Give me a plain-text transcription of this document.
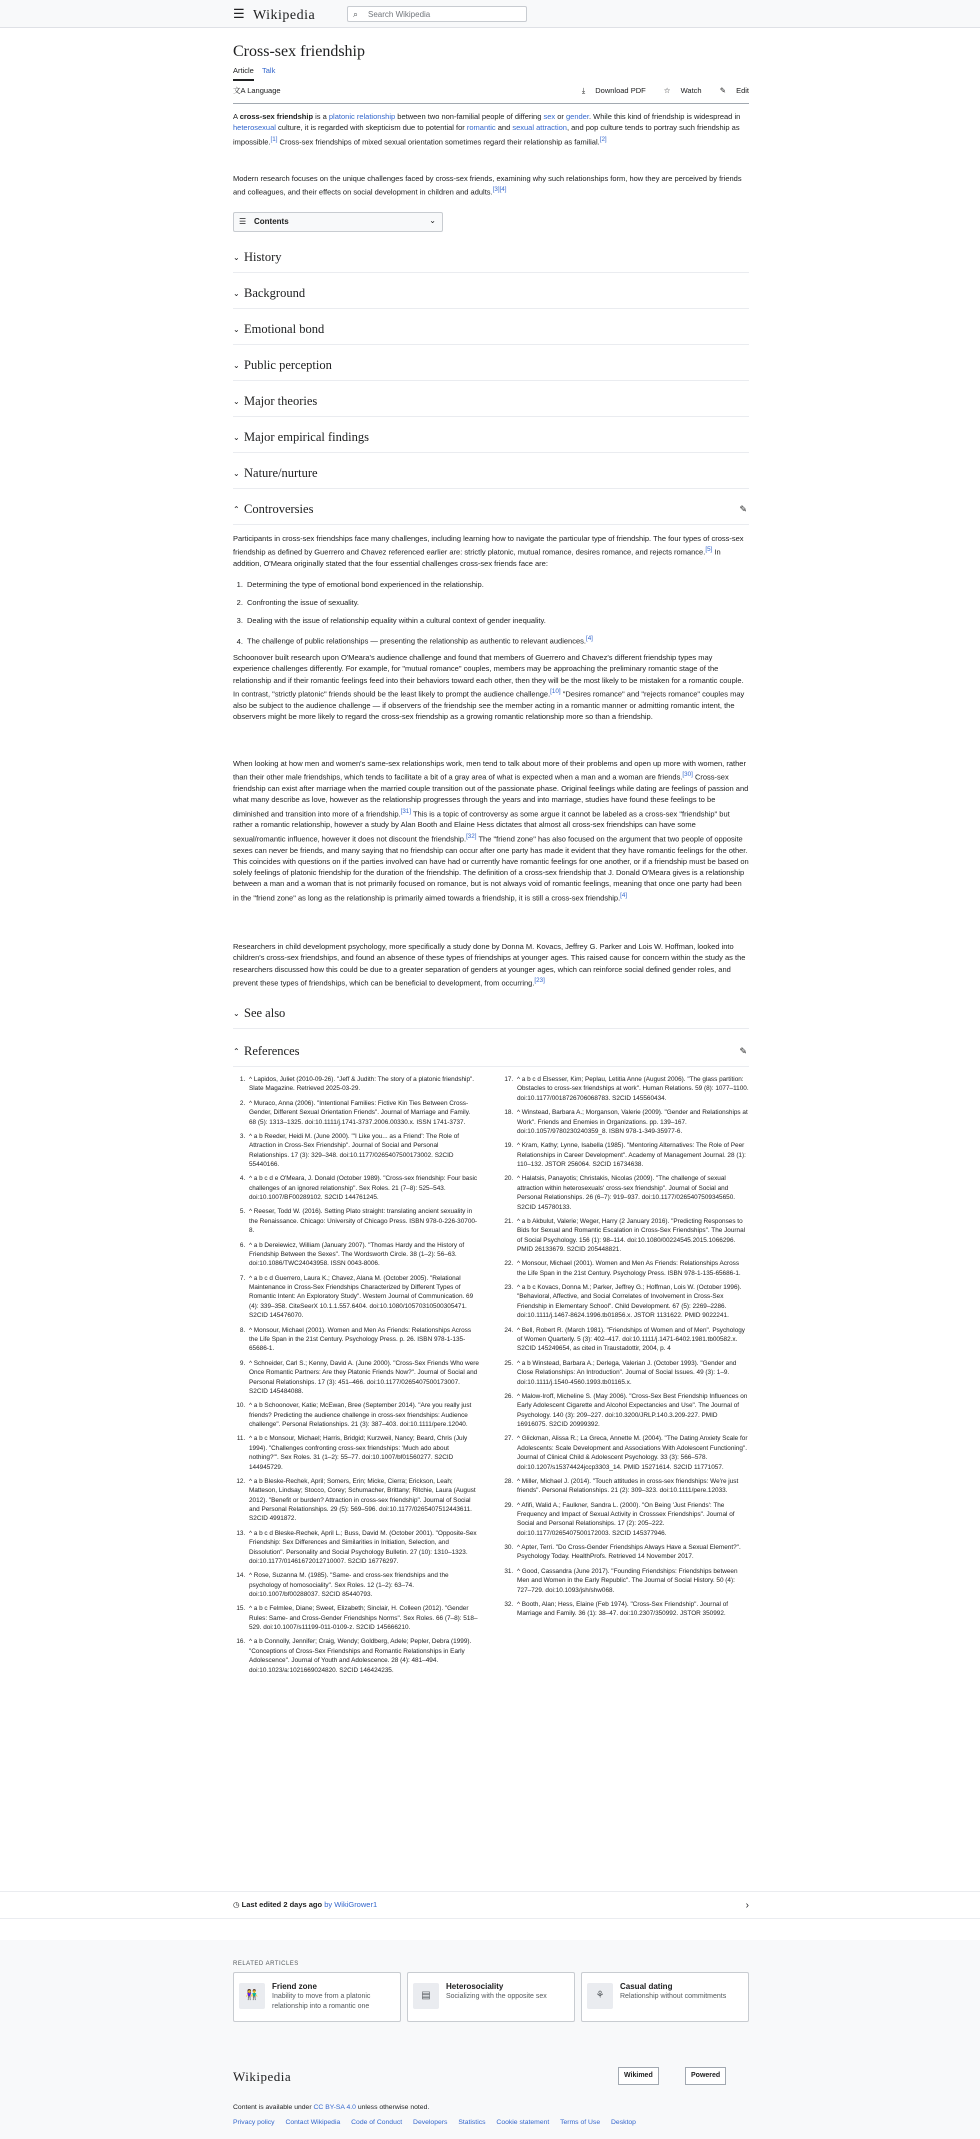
☰ Wikipedia	⌕ Search Wikipedia
Cross-sex friendship
Article Talk
文A Language	⤓ Download PDF ☆ Watch ✎ Edit
A cross-sex friendship is a platonic relationship between two non-familial people of differing sex or gender. While this kind of friendship is widespread in heterosexual culture, it is regarded with skepticism due to potential for romantic and sexual attraction, and pop culture tends to portray such friendship as impossible.[1] Cross-sex friendships of mixed sexual orientation sometimes regard their relationship as familial.[2]
Modern research focuses on the unique challenges faced by cross-sex friends, examining why such relationships form, how they are perceived by friends and colleagues, and their effects on social development in children and adults.[3][4]
☰ Contents	⌄
⌄ History
⌄ Background
⌄ Emotional bond
⌄ Public perception
⌄ Major theories
⌄ Major empirical findings
⌄ Nature/nurture
⌃ Controversies	✎
Participants in cross-sex friendships face many challenges, including learning how to navigate the particular type of friendship. The four types of cross-sex friendship as defined by Guerrero and Chavez referenced earlier are: strictly platonic, mutual romance, desires romance, and rejects romance.[5] In addition, O'Meara originally stated that the four essential challenges cross-sex friends face are:
1. Determining the type of emotional bond experienced in the relationship.
2. Confronting the issue of sexuality.
3. Dealing with the issue of relationship equality within a cultural context of gender inequality.
4. The challenge of public relationships — presenting the relationship as authentic to relevant audiences.[4]
Schoonover built research upon O'Meara's audience challenge and found that members of Guerrero and Chavez's different friendship types may experience challenges differently. For example, for "mutual romance" couples, members may be approaching the preliminary romantic stage of the relationship and if their romantic feelings feed into their behaviors toward each other, then they will be the most likely to be mistaken for a romantic couple. In contrast, "strictly platonic" friends should be the least likely to prompt the audience challenge.[10] "Desires romance" and "rejects romance" couples may also be subject to the audience challenge — if observers of the friendship see the member acting in a romantic manner or admitting romantic intent, the observers might be more likely to regard the cross-sex friendship as a growing romantic relationship more so than a friendship.
When looking at how men and women's same-sex relationships work, men tend to talk about more of their problems and open up more with women, rather than their other male friendships, which tends to facilitate a bit of a gray area of what is expected when a man and a woman are friends.[30] Cross-sex friendship can exist after marriage when the married couple transition out of the passionate phase. Original feelings while dating are feelings of passion and what many describe as love, however as the relationship progresses through the years and into marriage, studies have found these feelings to be diminished and transition into more of a friendship.[31] This is a topic of controversy as some argue it cannot be labeled as a cross-sex "friendship" but rather a romantic relationship, however a study by Alan Booth and Elaine Hess dictates that almost all cross-sex friendships can have some sexual/romantic influence, however it does not discount the friendship.[32] The "friend zone" has also focused on the argument that two people of opposite sexes can never be friends, and many saying that no friendship can occur after one party has made it evident that they have romantic feelings for the other. This coincides with questions on if the parties involved can have had or currently have romantic feelings for one another, or if a friendship must be based on solely feelings of platonic friendship for the duration of the friendship. The definition of a cross-sex friendship that J. Donald O'Meara gives is a relationship between a man and a woman that is not primarily focused on romance, but is not always void of romantic feelings, meaning that once one party had been in the "friend zone" as long as the relationship is primarily aimed towards a friendship, it is still a cross-sex friendship.[4]
Researchers in child development psychology, more specifically a study done by Donna M. Kovacs, Jeffrey G. Parker and Lois W. Hoffman, looked into children's cross-sex friendships, and found an absence of these types of friendships at younger ages. This raised cause for concern within the study as the researchers discussed how this could be due to a greater separation of genders at younger ages, which can reinforce social defined gender roles, and prevent these types of friendships, which can be beneficial to development, from occurring.[23]
⌄ See also
⌃ References	✎
1. ^ Lapidos, Juliet (2010-09-26). "Jeff & Judith: The story of a platonic friendship". Slate Magazine. Retrieved 2025-03-29.
2. ^ Muraco, Anna (2006). "Intentional Families: Fictive Kin Ties Between Cross-Gender, Different Sexual Orientation Friends". Journal of Marriage and Family. 68 (5): 1313–1325. doi:10.1111/j.1741-3737.2006.00330.x. ISSN 1741-3737.
3. ^ a b Reeder, Heidi M. (June 2000). "'I Like you... as a Friend': The Role of Attraction in Cross-Sex Friendship". Journal of Social and Personal Relationships. 17 (3): 329–348. doi:10.1177/0265407500173002. S2CID 55440166.
4. ^ a b c d e O'Meara, J. Donald (October 1989). "Cross-sex friendship: Four basic challenges of an ignored relationship". Sex Roles. 21 (7–8): 525–543. doi:10.1007/BF00289102. S2CID 144761245.
5. ^ Reeser, Todd W. (2016). Setting Plato straight: translating ancient sexuality in the Renaissance. Chicago: University of Chicago Press. ISBN 978-0-226-30700-8.
6. ^ a b Dereiewicz, William (January 2007). "Thomas Hardy and the History of Friendship Between the Sexes". The Wordsworth Circle. 38 (1–2): 56–63. doi:10.1086/TWC24043958. ISSN 0043-8006.
7. ^ a b c d Guerrero, Laura K.; Chavez, Alana M. (October 2005). "Relational Maintenance in Cross-Sex Friendships Characterized by Different Types of Romantic Intent: An Exploratory Study". Western Journal of Communication. 69 (4): 339–358. CiteSeerX 10.1.1.557.6404. doi:10.1080/10570310500305471. S2CID 145476070.
8. ^ Monsour, Michael (2001). Women and Men As Friends: Relationships Across the Life Span in the 21st Century. Psychology Press. p. 26. ISBN 978-1-135-65686-1.
9. ^ Schneider, Carl S.; Kenny, David A. (June 2000). "Cross-Sex Friends Who were Once Romantic Partners: Are they Platonic Friends Now?". Journal of Social and Personal Relationships. 17 (3): 451–466. doi:10.1177/0265407500173007. S2CID 145484088.
10. ^ a b Schoonover, Katie; McEwan, Bree (September 2014). "Are you really just friends? Predicting the audience challenge in cross-sex friendships: Audience challenge". Personal Relationships. 21 (3): 387–403. doi:10.1111/pere.12040.
11. ^ a b c Monsour, Michael; Harris, Bridgid; Kurzweil, Nancy; Beard, Chris (July 1994). "Challenges confronting cross-sex friendships: 'Much ado about nothing?'". Sex Roles. 31 (1–2): 55–77. doi:10.1007/bf01560277. S2CID 144945729.
12. ^ a b Bleske-Rechek, April; Somers, Erin; Micke, Cierra; Erickson, Leah; Matteson, Lindsay; Stocco, Corey; Schumacher, Brittany; Ritchie, Laura (August 2012). "Benefit or burden? Attraction in cross-sex friendship". Journal of Social and Personal Relationships. 29 (5): 569–596. doi:10.1177/0265407512443611. S2CID 4991872.
13. ^ a b c d Bleske-Rechek, April L.; Buss, David M. (October 2001). "Opposite-Sex Friendship: Sex Differences and Similarities in Initiation, Selection, and Dissolution". Personality and Social Psychology Bulletin. 27 (10): 1310–1323. doi:10.1177/01461672012710007. S2CID 16776297.
14. ^ Rose, Suzanna M. (1985). "Same- and cross-sex friendships and the psychology of homosociality". Sex Roles. 12 (1–2): 63–74. doi:10.1007/bf00288037. S2CID 85440793.
15. ^ a b c Felmlee, Diane; Sweet, Elizabeth; Sinclair, H. Colleen (2012). "Gender Rules: Same- and Cross-Gender Friendships Norms". Sex Roles. 66 (7–8): 518–529. doi:10.1007/s11199-011-0109-z. S2CID 145666210.
16. ^ a b Connolly, Jennifer; Craig, Wendy; Goldberg, Adele; Pepler, Debra (1999). "Conceptions of Cross-Sex Friendships and Romantic Relationships in Early Adolescence". Journal of Youth and Adolescence. 28 (4): 481–494. doi:10.1023/a:1021669024820. S2CID 146424235.
17. ^ a b c d Elsesser, Kim; Peplau, Letitia Anne (August 2006). "The glass partition: Obstacles to cross-sex friendships at work". Human Relations. 59 (8): 1077–1100. doi:10.1177/0018726706068783. S2CID 145560434.
18. ^ Winstead, Barbara A.; Morganson, Valerie (2009). "Gender and Relationships at Work". Friends and Enemies in Organizations. pp. 139–167. doi:10.1057/9780230240359_8. ISBN 978-1-349-35977-6.
19. ^ Kram, Kathy; Lynne, Isabella (1985). "Mentoring Alternatives: The Role of Peer Relationships in Career Development". Academy of Management Journal. 28 (1): 110–132. JSTOR 256064. S2CID 16734638.
20. ^ Halatsis, Panayotis; Christakis, Nicolas (2009). "The challenge of sexual attraction within heterosexuals' cross-sex friendship". Journal of Social and Personal Relationships. 26 (6–7): 919–937. doi:10.1177/0265407509345650. S2CID 145780133.
21. ^ a b Akbulut, Valerie; Weger, Harry (2 January 2016). "Predicting Responses to Bids for Sexual and Romantic Escalation in Cross-Sex Friendships". The Journal of Social Psychology. 156 (1): 98–114. doi:10.1080/00224545.2015.1066296. PMID 26133679. S2CID 205448821.
22. ^ Monsour, Michael (2001). Women and Men As Friends: Relationships Across the Life Span in the 21st Century. Psychology Press. ISBN 978-1-135-65686-1.
23. ^ a b c Kovacs, Donna M.; Parker, Jeffrey G.; Hoffman, Lois W. (October 1996). "Behavioral, Affective, and Social Correlates of Involvement in Cross-Sex Friendship in Elementary School". Child Development. 67 (5): 2269–2286. doi:10.1111/j.1467-8624.1996.tb01856.x. JSTOR 1131622. PMID 9022241.
24. ^ Bell, Robert R. (March 1981). "Friendships of Women and of Men". Psychology of Women Quarterly. 5 (3): 402–417. doi:10.1111/j.1471-6402.1981.tb00582.x. S2CID 145249654, as cited in Traustadottir, 2004, p. 4
25. ^ a b Winstead, Barbara A.; Derlega, Valerian J. (October 1993). "Gender and Close Relationships: An Introduction". Journal of Social Issues. 49 (3): 1–9. doi:10.1111/j.1540-4560.1993.tb01165.x.
26. ^ Malow-Iroff, Micheline S. (May 2006). "Cross-Sex Best Friendship Influences on Early Adolescent Cigarette and Alcohol Expectancies and Use". The Journal of Psychology. 140 (3): 209–227. doi:10.3200/JRLP.140.3.209-227. PMID 16916075. S2CID 20999392.
27. ^ Glickman, Alissa R.; La Greca, Annette M. (2004). "The Dating Anxiety Scale for Adolescents: Scale Development and Associations With Adolescent Functioning". Journal of Clinical Child & Adolescent Psychology. 33 (3): 566–578. doi:10.1207/s15374424jccp3303_14. PMID 15271614. S2CID 11771057.
28. ^ Miller, Michael J. (2014). "Touch attitudes in cross-sex friendships: We're just friends". Personal Relationships. 21 (2): 309–323. doi:10.1111/pere.12033.
29. ^ Afifi, Walid A.; Faulkner, Sandra L. (2000). "On Being 'Just Friends': The Frequency and Impact of Sexual Activity in Crosssex Friendships". Journal of Social and Personal Relationships. 17 (2): 205–222. doi:10.1177/0265407500172003. S2CID 145377946.
30. ^ Apter, Terri. "Do Cross-Gender Friendships Always Have a Sexual Element?". Psychology Today. HealthProfs. Retrieved 14 November 2017.
31. ^ Good, Cassandra (June 2017). "Founding Friendships: Friendships between Men and Women in the Early Republic". The Journal of Social History. 50 (4): 727–729. doi:10.1093/jsh/shw068.
32. ^ Booth, Alan; Hess, Elaine (Feb 1974). "Cross-Sex Friendship". Journal of Marriage and Family. 36 (1): 38–47. doi:10.2307/350992. JSTOR 350992.
◷ Last edited 2 days ago by WikiGrower1	›
RELATED ARTICLES
👫
Friend zone
Inability to move from a platonic relationship into a romantic one
▤
Heterosociality
Socializing with the opposite sex	⚘
Casual dating
Relationship without commitments
Wikipedia	Wikimed	Powered
Content is available under CC BY-SA 4.0 unless otherwise noted.
Privacy policy Contact Wikipedia Code of Conduct Developers Statistics Cookie statement Terms of Use Desktop
